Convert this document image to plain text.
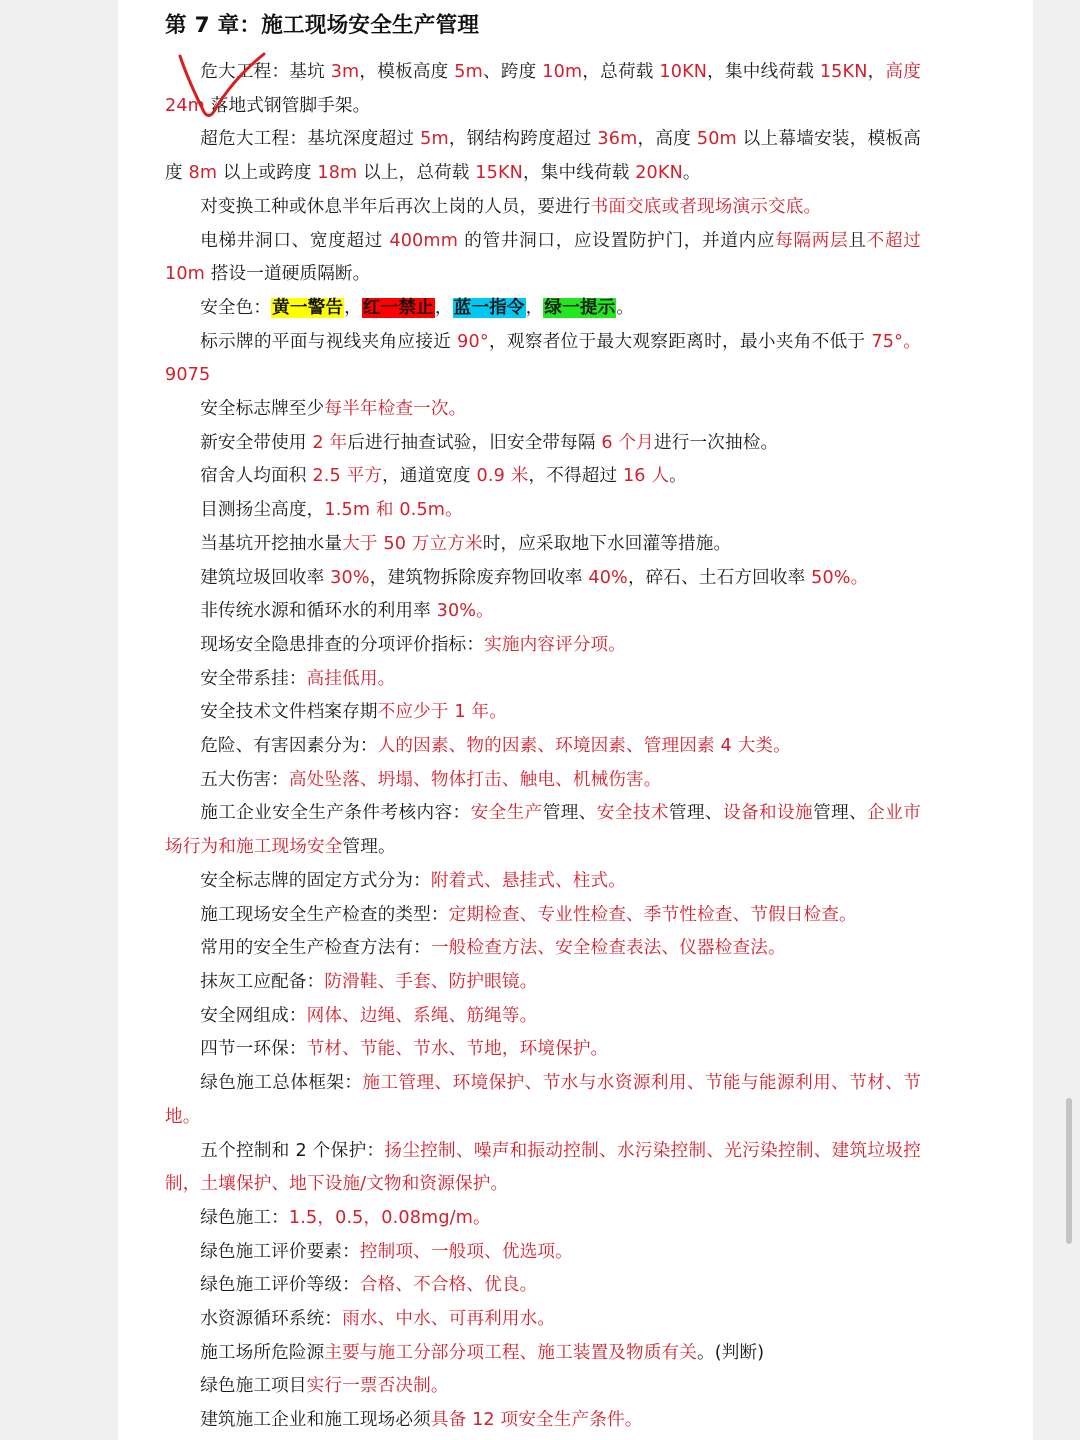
第 7 章：施工现场安全生产管理

危大工程：基坑 3m，模板高度 5m、跨度 10m，总荷载 10KN，集中线荷载 15KN，高度 24m 落地式钢管脚手架。

超危大工程：基坑深度超过 5m，钢结构跨度超过 36m，高度 50m 以上幕墙安装，模板高度 8m 以上或跨度 18m 以上，总荷载 15KN，集中线荷载 20KN。

对变换工种或休息半年后再次上岗的人员，要进行书面交底或者现场演示交底。

电梯井洞口、宽度超过 400mm 的管井洞口，应设置防护门，并道内应每隔两层且不超过 10m 搭设一道硬质隔断。

安全色：黄一警告，红一禁止，蓝一指令，绿一提示。

标示牌的平面与视线夹角应接近 90°，观察者位于最大观察距离时，最小夹角不低于 75°。9075

安全标志牌至少每半年检查一次。

新安全带使用 2 年后进行抽查试验，旧安全带每隔 6 个月进行一次抽检。

宿舍人均面积 2.5 平方，通道宽度 0.9 米，不得超过 16 人。

目测扬尘高度，1.5m 和 0.5m。

当基坑开挖抽水量大于 50 万立方米时，应采取地下水回灌等措施。

建筑垃圾回收率 30%，建筑物拆除废弃物回收率 40%，碎石、土石方回收率 50%。

非传统水源和循环水的利用率 30%。

现场安全隐患排查的分项评价指标：实施内容评分项。

安全带系挂：高挂低用。

安全技术文件档案存期不应少于 1 年。

危险、有害因素分为：人的因素、物的因素、环境因素、管理因素 4 大类。

五大伤害：高处坠落、坍塌、物体打击、触电、机械伤害。

施工企业安全生产条件考核内容：安全生产管理、安全技术管理、设备和设施管理、企业市场行为和施工现场安全管理。

安全标志牌的固定方式分为：附着式、悬挂式、柱式。

施工现场安全生产检查的类型：定期检查、专业性检查、季节性检查、节假日检查。

常用的安全生产检查方法有：一般检查方法、安全检查表法、仪器检查法。

抹灰工应配备：防滑鞋、手套、防护眼镜。

安全网组成：网体、边绳、系绳、筋绳等。

四节一环保：节材、节能、节水、节地，环境保护。

绿色施工总体框架：施工管理、环境保护、节水与水资源利用、节能与能源利用、节材、节地。

五个控制和 2 个保护：扬尘控制、噪声和振动控制、水污染控制、光污染控制、建筑垃圾控制，土壤保护、地下设施/文物和资源保护。

绿色施工：1.5，0.5，0.08mg/m。

绿色施工评价要素：控制项、一般项、优选项。

绿色施工评价等级：合格、不合格、优良。

水资源循环系统：雨水、中水、可再利用水。

施工场所危险源主要与施工分部分项工程、施工装置及物质有关。(判断)

绿色施工项目实行一票否决制。

建筑施工企业和施工现场必须具备 12 项安全生产条件。
